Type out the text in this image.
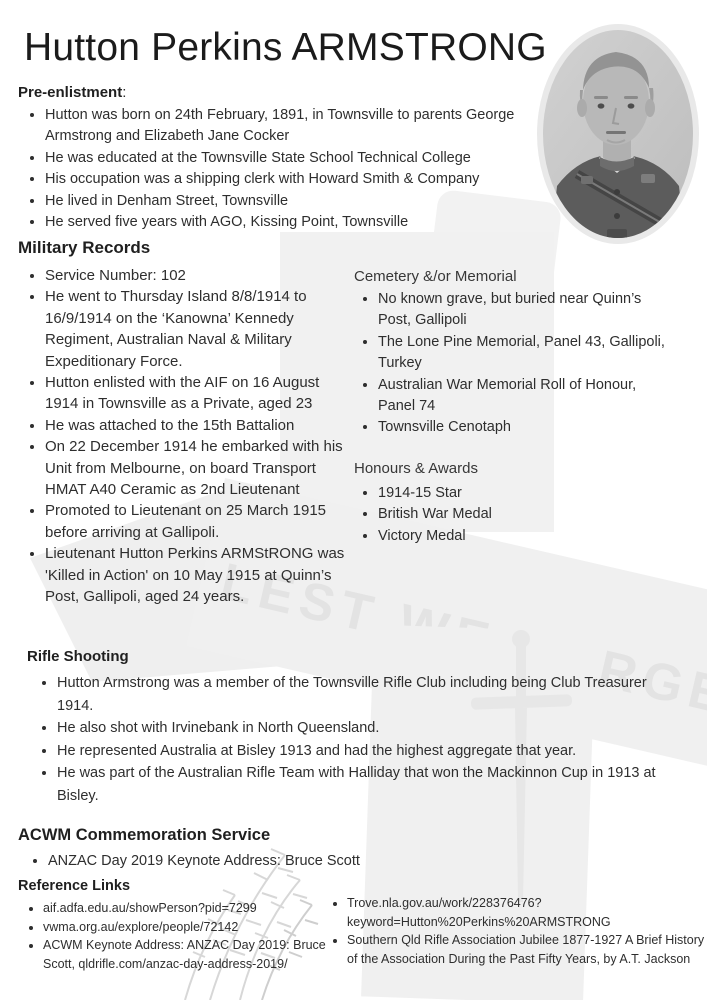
LEST FORGET
Hutton Perkins ARMSTRONG
Pre-enlistment:
• Hutton was born on 24th February, 1891, in Townsville to parents George Armstrong and Elizabeth Jane Cocker
• He was educated at the Townsville State School Technical College
• His occupation was a shipping clerk with Howard Smith & Company
• He lived in Denham Street, Townsville
• He served five years with AGO, Kissing Point, Townsville
Military Records
• Service Number: 102
• He went to Thursday Island 8/8/1914 to 16/9/1914 on the ‘Kanowna’ Kennedy Regiment, Australian Naval & Military Expeditionary Force.
• Hutton enlisted with the AIF on 16 August 1914 in Townsville as a Private, aged 23
• He was attached to the 15th Battalion
• On 22 December 1914 he embarked with his Unit from Melbourne, on board Transport HMAT A40 Ceramic as 2nd Lieutenant
• Promoted to Lieutenant on 25 March 1915 before arriving at Gallipoli.
• Lieutenant Hutton Perkins ARMStRONG was 'Killed in Action' on 10 May 1915 at Quinn’s Post, Gallipoli, aged 24 years.
Cemetery &/or Memorial
• No known grave, but buried near Quinn’s Post, Gallipoli
• The Lone Pine Memorial, Panel 43, Gallipoli, Turkey
• Australian War Memorial Roll of Honour, Panel 74
• Townsville Cenotaph
Honours & Awards
• 1914-15 Star
• British War Medal
• Victory Medal
Rifle Shooting
• Hutton Armstrong was a member of the Townsville Rifle Club including being Club Treasurer 1914.
• He also shot with Irvinebank in North Queensland.
• He represented Australia at Bisley 1913 and had the highest aggregate that year.
• He was part of the Australian Rifle Team with Halliday that won the Mackinnon Cup in 1913 at Bisley.
ACWM Commemoration Service
• ANZAC Day 2019 Keynote Address: Bruce Scott
Reference Links
• aif.adfa.edu.au/showPerson?pid=7299
• vwma.org.au/explore/people/72142
• ACWM Keynote Address: ANZAC Day 2019: Bruce Scott, qldrifle.com/anzac-day-address-2019/
• Trove.nla.gov.au/work/228376476?keyword=Hutton%20Perkins%20ARMSTRONG
• Southern Qld Rifle Association Jubilee 1877-1927 A Brief History of the Association During the Past Fifty Years, by A.T. Jackson
